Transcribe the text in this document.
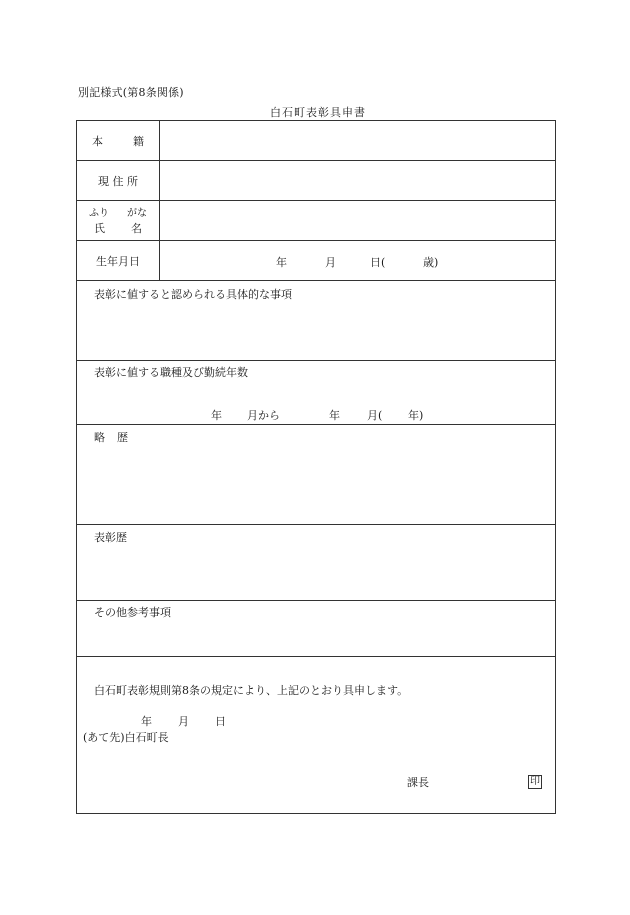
別記様式(第8条関係)
白石町表彰具申書
本	籍
現 住 所
ふり がな
氏 名
生年月日	年	月	日(	歳)
表彰に値すると認められる具体的な事項
表彰に値する職種及び勤続年数
年 月から	年 月( 年)
略 歴
表彰歴
その他参考事項
白石町表彰規則第8条の規定により、上記のとおり具申します。
年 月 日
(あて先)白石町長
課長	印
